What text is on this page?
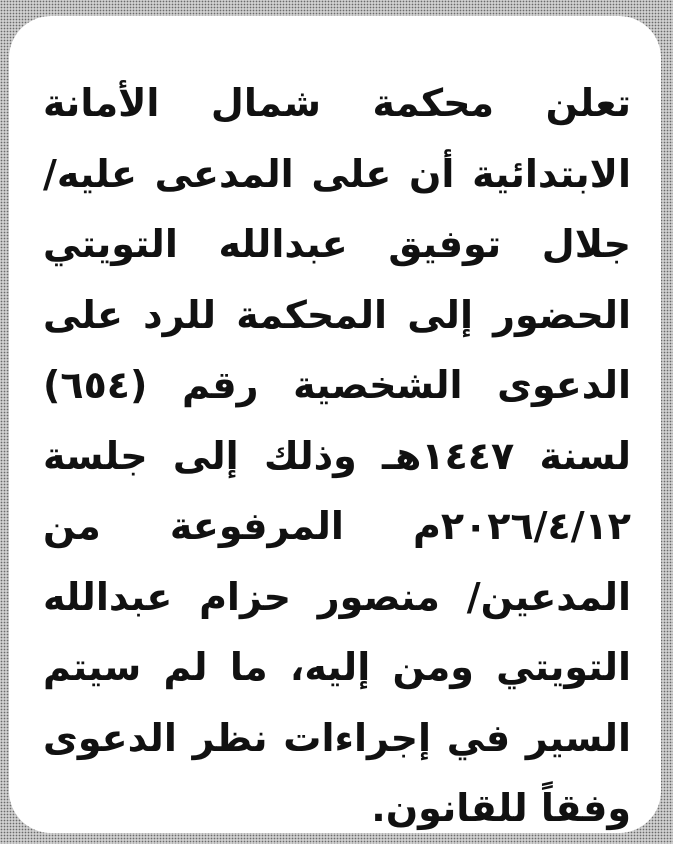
تعلن محكمة شمال الأمانة
الابتدائية أن على المدعى عليه/
جلال توفيق عبدالله التويتي
الحضور إلى المحكمة للرد على
الدعوى الشخصية رقم (٦٥٤)
لسنة ١٤٤٧هـ وذلك إلى جلسة
٢٠٢٦/٤/١٢م المرفوعة من
المدعين/ منصور حزام عبدالله
التويتي ومن إليه، ما لم سيتم
السير في إجراءات نظر الدعوى
وفقاً للقانون.
